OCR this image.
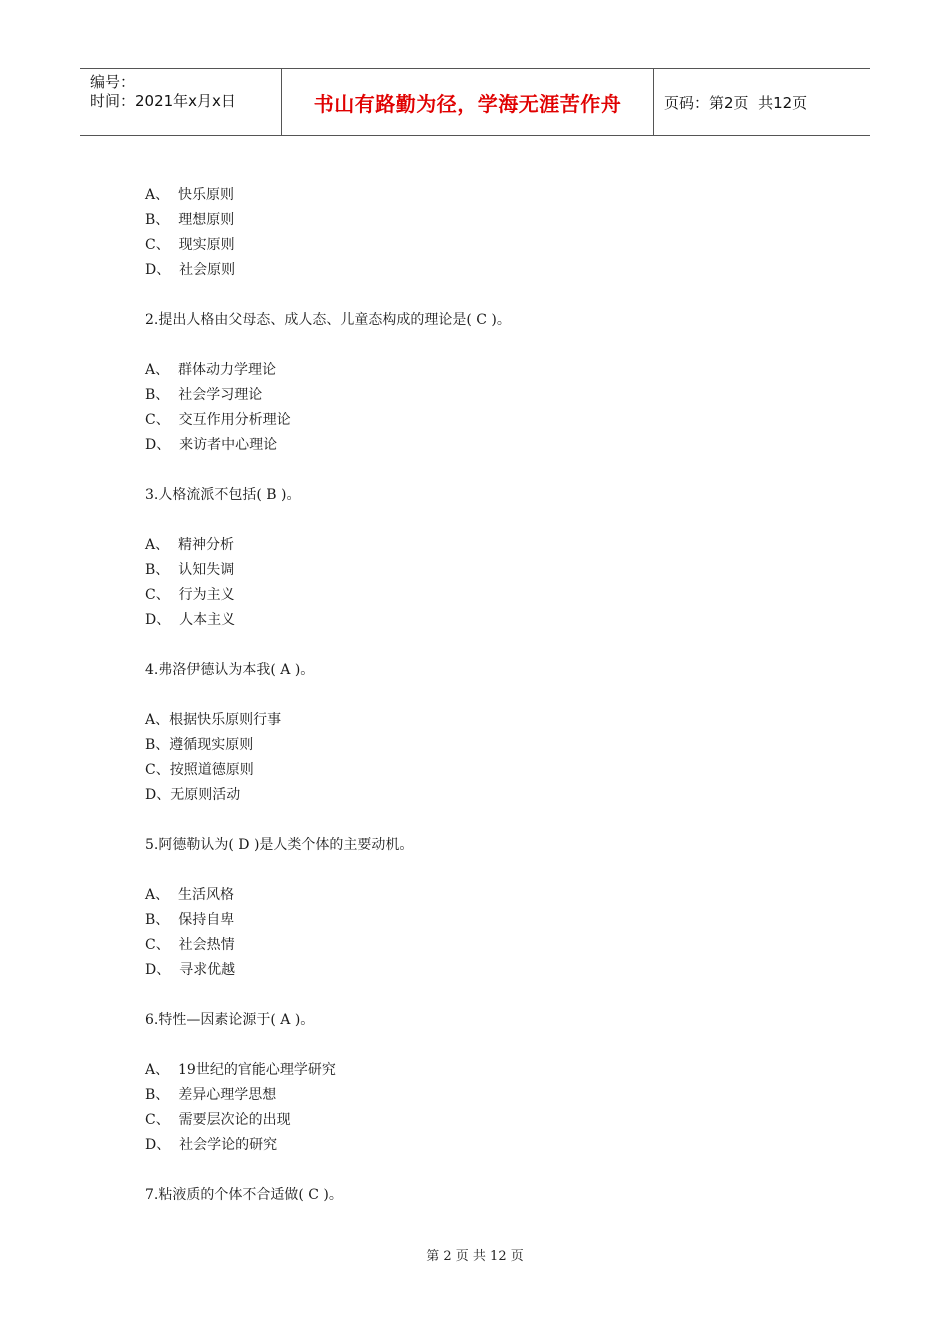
编号：
时间：2021年x月x日	书山有路勤为径，学海无涯苦作舟	页码：第2页  共12页

A、  快乐原则

B、  理想原则

C、  现实原则

D、  社会原则

2.提出人格由父母态、成人态、儿童态构成的理论是( C )。

A、  群体动力学理论

B、  社会学习理论

C、  交互作用分析理论

D、  来访者中心理论

3.人格流派不包括( B )。

A、  精神分析

B、  认知失调

C、  行为主义

D、  人本主义

4.弗洛伊德认为本我( A )。

A、根据快乐原则行事

B、遵循现实原则

C、按照道德原则

D、无原则活动

5.阿德勒认为( D )是人类个体的主要动机。

A、  生活风格

B、  保持自卑

C、  社会热情

D、  寻求优越

6.特性—因素论源于( A )。

A、  19世纪的官能心理学研究

B、  差异心理学思想

C、  需要层次论的出现

D、  社会学论的研究

7.粘液质的个体不合适做( C )。

第 2 页 共 12 页
